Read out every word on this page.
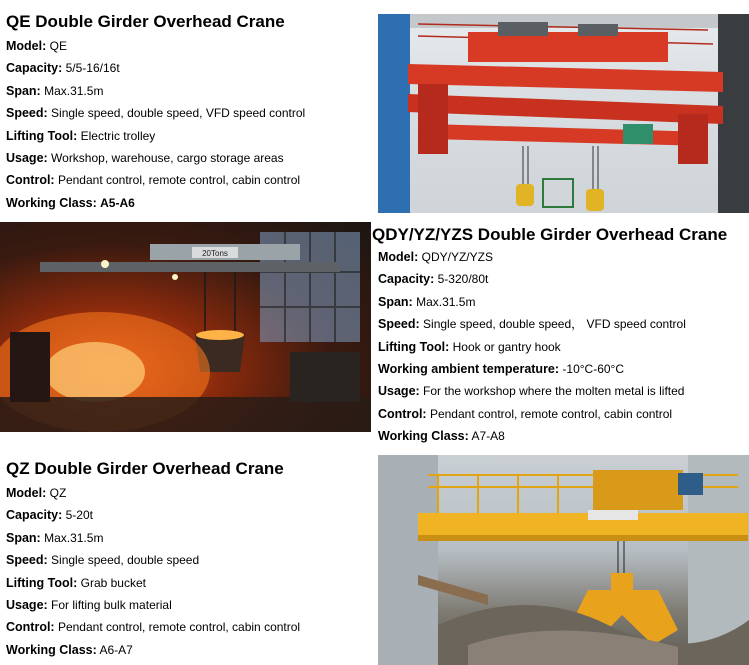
QE Double Girder Overhead Crane
Model: QE
Capacity: 5/5-16/16t
Span: Max.31.5m
Speed: Single speed, double speed, VFD speed control
Lifting Tool: Electric trolley
Usage: Workshop, warehouse, cargo storage areas
Control: Pendant control, remote control, cabin control
Working Class: A5-A6
20Tons
QDY/YZ/YZS Double Girder Overhead Crane
Model: QDY/YZ/YZS
Capacity: 5-320/80t
Span: Max.31.5m
Speed: Single speed, double speed， VFD speed control
Lifting Tool: Hook or gantry hook
Working ambient temperature: -10°C-60°C
Usage: For the workshop where the molten metal is lifted
Control: Pendant control, remote control, cabin control
Working Class: A7-A8
QZ Double Girder Overhead Crane
Model: QZ
Capacity: 5-20t
Span: Max.31.5m
Speed: Single speed, double speed
Lifting Tool: Grab bucket
Usage: For lifting bulk material
Control: Pendant control, remote control, cabin control
Working Class: A6-A7
